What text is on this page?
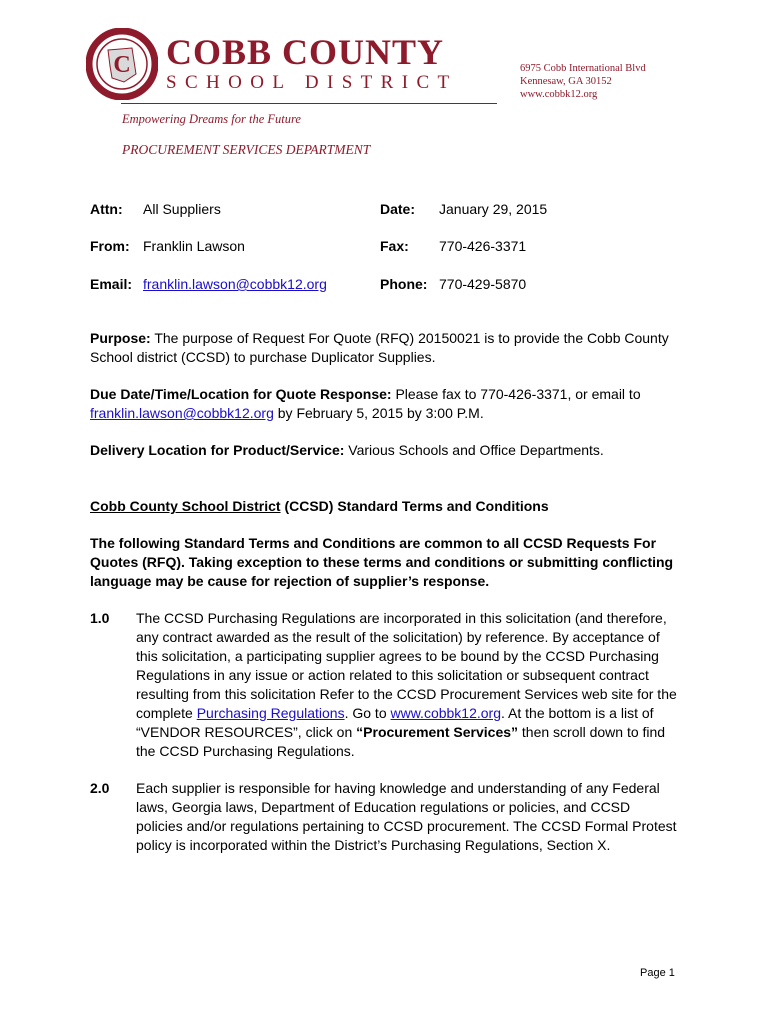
C COBB COUNTY
SCHOOL DISTRICT
6975 Cobb International Blvd
Kennesaw, GA 30152
www.cobbk12.org
Empowering Dreams for the Future
PROCUREMENT SERVICES DEPARTMENT
Attn: All Suppliers	Date: January 29, 2015
From: Franklin Lawson	Fax: 770-426-3371
Email: franklin.lawson@cobbk12.org	Phone: 770-429-5870

Purpose: The purpose of Request For Quote (RFQ) 20150021 is to provide the Cobb County School district (CCSD) to purchase Duplicator Supplies.

Due Date/Time/Location for Quote Response: Please fax to 770-426-3371, or email to franklin.lawson@cobbk12.org by February 5, 2015 by 3:00 P.M.

Delivery Location for Product/Service: Various Schools and Office Departments.

Cobb County School District (CCSD) Standard Terms and Conditions

The following Standard Terms and Conditions are common to all CCSD Requests For Quotes (RFQ). Taking exception to these terms and conditions or submitting conflicting language may be cause for rejection of supplier’s response.

1.0	The CCSD Purchasing Regulations are incorporated in this solicitation (and therefore, any contract awarded as the result of the solicitation) by reference. By acceptance of this solicitation, a participating supplier agrees to be bound by the CCSD Purchasing Regulations in any issue or action related to this solicitation or subsequent contract resulting from this solicitation Refer to the CCSD Procurement Services web site for the complete Purchasing Regulations. Go to www.cobbk12.org. At the bottom is a list of “VENDOR RESOURCES”, click on “Procurement Services” then scroll down to find the CCSD Purchasing Regulations.
2.0	Each supplier is responsible for having knowledge and understanding of any Federal laws, Georgia laws, Department of Education regulations or policies, and CCSD policies and/or regulations pertaining to CCSD procurement. The CCSD Formal Protest policy is incorporated within the District’s Purchasing Regulations, Section X.
Page 1
